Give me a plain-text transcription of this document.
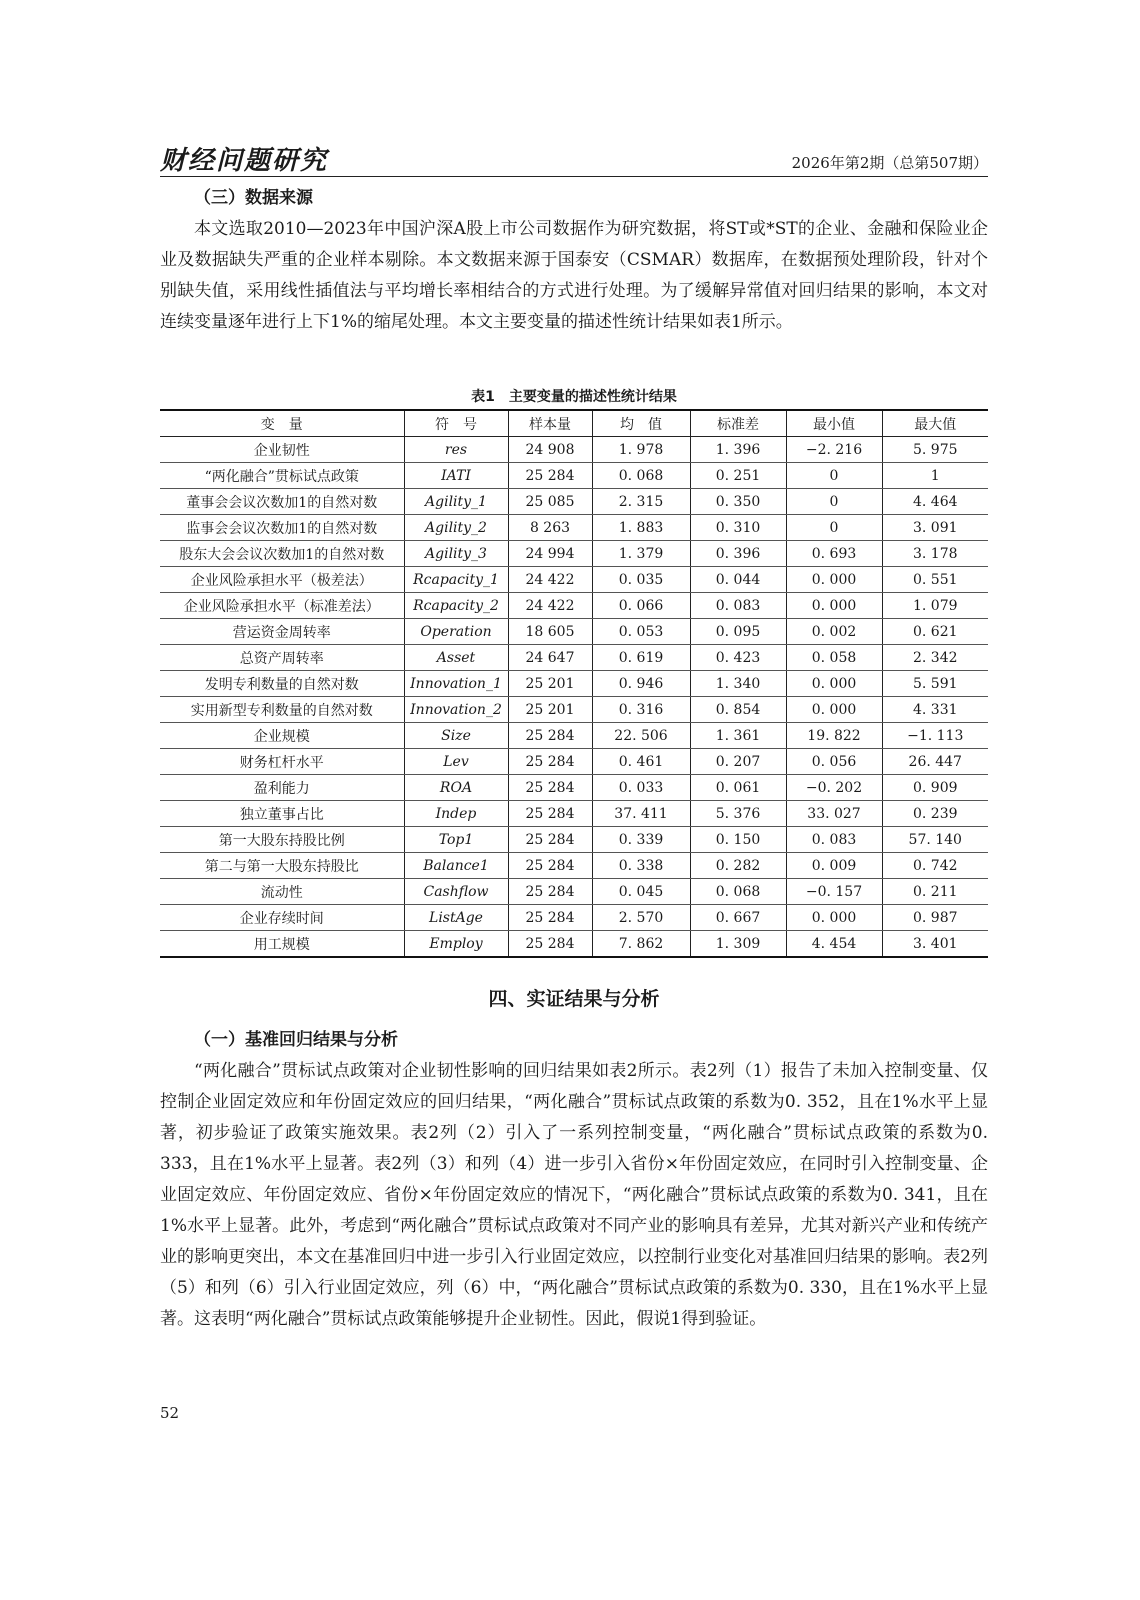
财经问题研究	2026年第2期（总第507期）
（三）数据来源

本文选取2010—2023年中国沪深A股上市公司数据作为研究数据，将ST或*ST的企业、金融和保险业企业及数据缺失严重的企业样本剔除。本文数据来源于国泰安（CSMAR）数据库，在数据预处理阶段，针对个别缺失值，采用线性插值法与平均增长率相结合的方式进行处理。为了缓解异常值对回归结果的影响，本文对连续变量逐年进行上下1%的缩尾处理。本文主要变量的描述性统计结果如表1所示。

表1　主要变量的描述性统计结果
变　量	符　号	样本量	均　值	标准差	最小值	最大值
企业韧性	res	24 908	1. 978	1. 396	−2. 216	5. 975
“两化融合”贯标试点政策	IATI	25 284	0. 068	0. 251	0	1
董事会会议次数加1的自然对数	Agility_1	25 085	2. 315	0. 350	0	4. 464
监事会会议次数加1的自然对数	Agility_2	8 263	1. 883	0. 310	0	3. 091
股东大会会议次数加1的自然对数	Agility_3	24 994	1. 379	0. 396	0. 693	3. 178
企业风险承担水平（极差法）	Rcapacity_1	24 422	0. 035	0. 044	0. 000	0. 551
企业风险承担水平（标准差法）	Rcapacity_2	24 422	0. 066	0. 083	0. 000	1. 079
营运资金周转率	Operation	18 605	0. 053	0. 095	0. 002	0. 621
总资产周转率	Asset	24 647	0. 619	0. 423	0. 058	2. 342
发明专利数量的自然对数	Innovation_1	25 201	0. 946	1. 340	0. 000	5. 591
实用新型专利数量的自然对数	Innovation_2	25 201	0. 316	0. 854	0. 000	4. 331
企业规模	Size	25 284	22. 506	1. 361	19. 822	−1. 113
财务杠杆水平	Lev	25 284	0. 461	0. 207	0. 056	26. 447
盈利能力	ROA	25 284	0. 033	0. 061	−0. 202	0. 909
独立董事占比	Indep	25 284	37. 411	5. 376	33. 027	0. 239
第一大股东持股比例	Top1	25 284	0. 339	0. 150	0. 083	57. 140
第二与第一大股东持股比	Balance1	25 284	0. 338	0. 282	0. 009	0. 742
流动性	Cashflow	25 284	0. 045	0. 068	−0. 157	0. 211
企业存续时间	ListAge	25 284	2. 570	0. 667	0. 000	0. 987
用工规模	Employ	25 284	7. 862	1. 309	4. 454	3. 401
四、实证结果与分析
（一）基准回归结果与分析

“两化融合”贯标试点政策对企业韧性影响的回归结果如表2所示。表2列（1）报告了未加入控制变量、仅控制企业固定效应和年份固定效应的回归结果，“两化融合”贯标试点政策的系数为0. 352，且在1%水平上显著，初步验证了政策实施效果。表2列（2）引入了一系列控制变量，“两化融合”贯标试点政策的系数为0. 333，且在1%水平上显著。表2列（3）和列（4）进一步引入省份×年份固定效应，在同时引入控制变量、企业固定效应、年份固定效应、省份×年份固定效应的情况下，“两化融合”贯标试点政策的系数为0. 341，且在1%水平上显著。此外，考虑到“两化融合”贯标试点政策对不同产业的影响具有差异，尤其对新兴产业和传统产业的影响更突出，本文在基准回归中进一步引入行业固定效应，以控制行业变化对基准回归结果的影响。表2列（5）和列（6）引入行业固定效应，列（6）中，“两化融合”贯标试点政策的系数为0. 330，且在1%水平上显著。这表明“两化融合”贯标试点政策能够提升企业韧性。因此，假说1得到验证。

52
